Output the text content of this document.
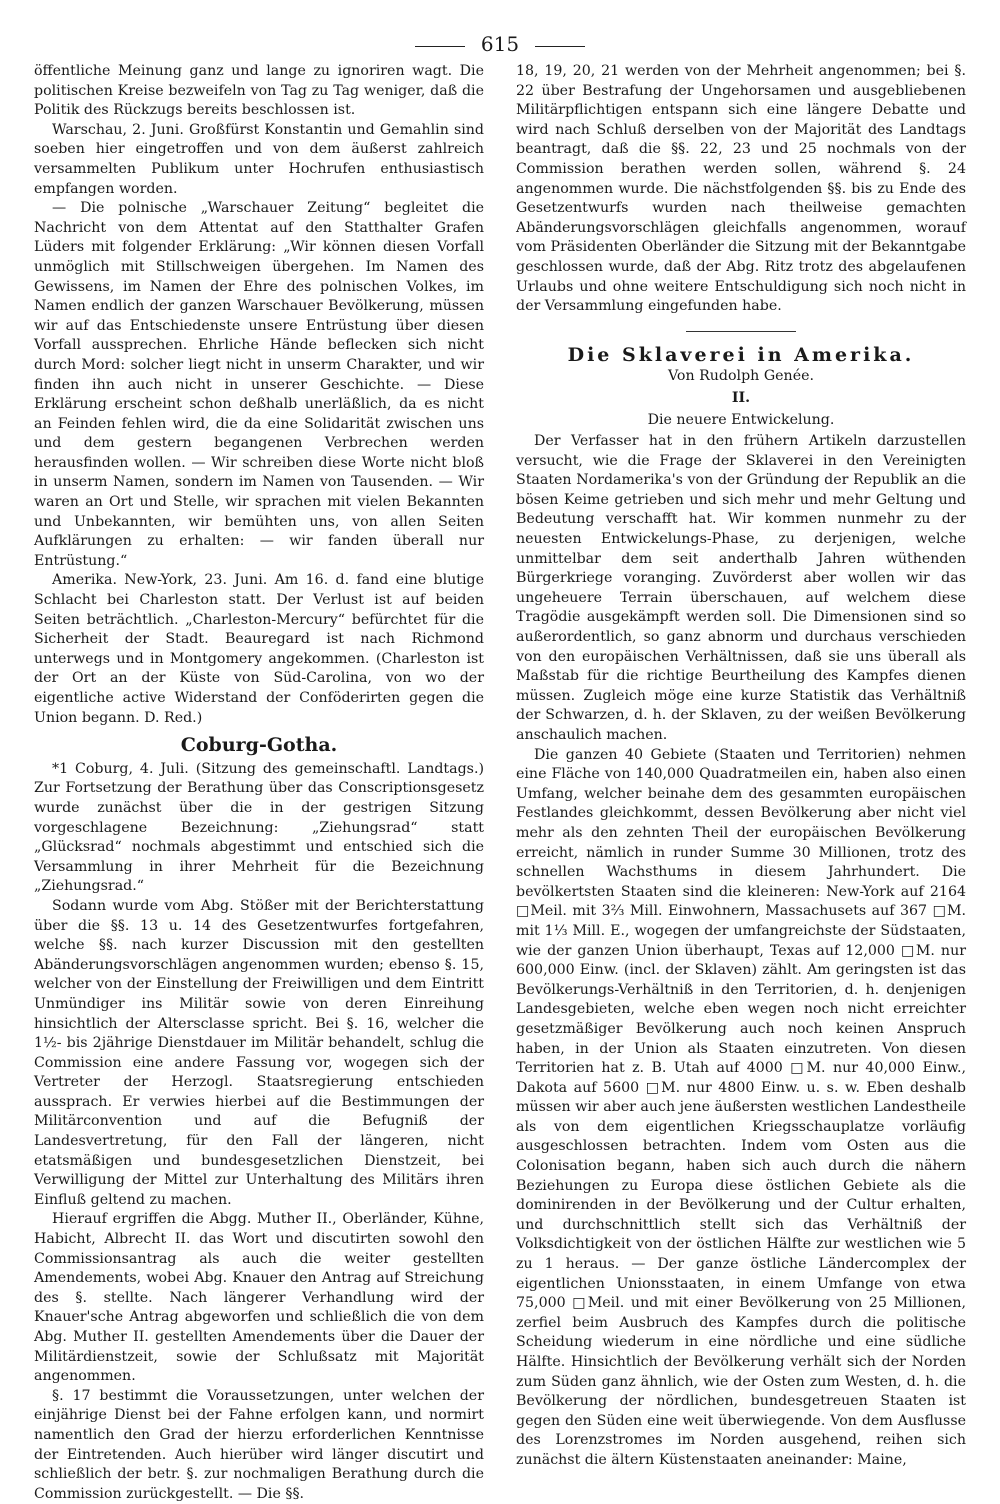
615

öffentliche Meinung ganz und lange zu ignoriren wagt. Die politischen Kreise bezweifeln von Tag zu Tag weniger, daß die Politik des Rückzugs bereits beschlossen ist.

Warschau, 2. Juni. Großfürst Konstantin und Gemahlin sind soeben hier eingetroffen und von dem äußerst zahlreich versammelten Publikum unter Hochrufen enthusiastisch empfangen worden.

— Die polnische „Warschauer Zeitung“ begleitet die Nachricht von dem Attentat auf den Statthalter Grafen Lüders mit folgender Erklärung: „Wir können diesen Vorfall unmöglich mit Stillschweigen übergehen. Im Namen des Gewissens, im Namen der Ehre des polnischen Volkes, im Namen endlich der ganzen Warschauer Bevölkerung, müssen wir auf das Entschiedenste unsere Entrüstung über diesen Vorfall aussprechen. Ehrliche Hände beflecken sich nicht durch Mord: solcher liegt nicht in unserm Charakter, und wir finden ihn auch nicht in unserer Geschichte. — Diese Erklärung erscheint schon deßhalb unerläßlich, da es nicht an Feinden fehlen wird, die da eine Solidarität zwischen uns und dem gestern begangenen Verbrechen werden herausfinden wollen. — Wir schreiben diese Worte nicht bloß in unserm Namen, sondern im Namen von Tausenden. — Wir waren an Ort und Stelle, wir sprachen mit vielen Bekannten und Unbekannten, wir bemühten uns, von allen Seiten Aufklärungen zu erhalten: — wir fanden überall nur Entrüstung.“

Amerika. New-York, 23. Juni. Am 16. d. fand eine blutige Schlacht bei Charleston statt. Der Verlust ist auf beiden Seiten beträchtlich. „Charleston-Mercury“ befürchtet für die Sicherheit der Stadt. Beauregard ist nach Richmond unterwegs und in Montgomery angekommen. (Charleston ist der Ort an der Küste von Süd-Carolina, von wo der eigentliche active Widerstand der Conföderirten gegen die Union begann. D. Red.)

Coburg-Gotha.

*1 Coburg, 4. Juli. (Sitzung des gemeinschaftl. Landtags.) Zur Fortsetzung der Berathung über das Conscriptionsgesetz wurde zunächst über die in der gestrigen Sitzung vorgeschlagene Bezeichnung: „Ziehungsrad“ statt „Glücksrad“ nochmals abgestimmt und entschied sich die Versammlung in ihrer Mehrheit für die Bezeichnung „Ziehungsrad.“

Sodann wurde vom Abg. Stößer mit der Berichterstattung über die §§. 13 u. 14 des Gesetzentwurfes fortgefahren, welche §§. nach kurzer Discussion mit den gestellten Abänderungsvorschlägen angenommen wurden; ebenso §. 15, welcher von der Einstellung der Freiwilligen und dem Eintritt Unmündiger ins Militär sowie von deren Einreihung hinsichtlich der Altersclasse spricht. Bei §. 16, welcher die 1½- bis 2jährige Dienstdauer im Militär behandelt, schlug die Commission eine andere Fassung vor, wogegen sich der Vertreter der Herzogl. Staatsregierung entschieden aussprach. Er verwies hierbei auf die Bestimmungen der Militärconvention und auf die Befugniß der Landesvertretung, für den Fall der längeren, nicht etatsmäßigen und bundesgesetzlichen Dienstzeit, bei Verwilligung der Mittel zur Unterhaltung des Militärs ihren Einfluß geltend zu machen.

Hierauf ergriffen die Abgg. Muther II., Oberländer, Kühne, Habicht, Albrecht II. das Wort und discutirten sowohl den Commissionsantrag als auch die weiter gestellten Amendements, wobei Abg. Knauer den Antrag auf Streichung des §. stellte. Nach längerer Verhandlung wird der Knauer'sche Antrag abgeworfen und schließlich die von dem Abg. Muther II. gestellten Amendements über die Dauer der Militärdienstzeit, sowie der Schlußsatz mit Majorität angenommen.

§. 17 bestimmt die Voraussetzungen, unter welchen der einjährige Dienst bei der Fahne erfolgen kann, und normirt namentlich den Grad der hierzu erforderlichen Kenntnisse der Eintretenden. Auch hierüber wird länger discutirt und schließlich der betr. §. zur nochmaligen Berathung durch die Commission zurückgestellt. — Die §§.

18, 19, 20, 21 werden von der Mehrheit angenommen; bei §. 22 über Bestrafung der Ungehorsamen und ausgebliebenen Militärpflichtigen entspann sich eine längere Debatte und wird nach Schluß derselben von der Majorität des Landtags beantragt, daß die §§. 22, 23 und 25 nochmals von der Commission berathen werden sollen, während §. 24 angenommen wurde. Die nächstfolgenden §§. bis zu Ende des Gesetzentwurfs wurden nach theilweise gemachten Abänderungsvorschlägen gleichfalls angenommen, worauf vom Präsidenten Oberländer die Sitzung mit der Bekanntgabe geschlossen wurde, daß der Abg. Ritz trotz des abgelaufenen Urlaubs und ohne weitere Entschuldigung sich noch nicht in der Versammlung eingefunden habe.

Die Sklaverei in Amerika.
Von Rudolph Genée.
II.
Die neuere Entwickelung.

Der Verfasser hat in den frühern Artikeln darzustellen versucht, wie die Frage der Sklaverei in den Vereinigten Staaten Nordamerika's von der Gründung der Republik an die bösen Keime getrieben und sich mehr und mehr Geltung und Bedeutung verschafft hat. Wir kommen nunmehr zu der neuesten Entwickelungs-Phase, zu derjenigen, welche unmittelbar dem seit anderthalb Jahren wüthenden Bürgerkriege voranging. Zuvörderst aber wollen wir das ungeheuere Terrain überschauen, auf welchem diese Tragödie ausgekämpft werden soll. Die Dimensionen sind so außerordentlich, so ganz abnorm und durchaus verschieden von den europäischen Verhältnissen, daß sie uns überall als Maßstab für die richtige Beurtheilung des Kampfes dienen müssen. Zugleich möge eine kurze Statistik das Verhältniß der Schwarzen, d. h. der Sklaven, zu der weißen Bevölkerung anschaulich machen.

Die ganzen 40 Gebiete (Staaten und Territorien) nehmen eine Fläche von 140,000 Quadratmeilen ein, haben also einen Umfang, welcher beinahe dem des gesammten europäischen Festlandes gleichkommt, dessen Bevölkerung aber nicht viel mehr als den zehnten Theil der europäischen Bevölkerung erreicht, nämlich in runder Summe 30 Millionen, trotz des schnellen Wachsthums in diesem Jahrhundert. Die bevölkertsten Staaten sind die kleineren: New-York auf 2164 □Meil. mit 3⅔ Mill. Einwohnern, Massachusets auf 367 □M. mit 1⅓ Mill. E., wogegen der umfangreichste der Südstaaten, wie der ganzen Union überhaupt, Texas auf 12,000 □M. nur 600,000 Einw. (incl. der Sklaven) zählt. Am geringsten ist das Bevölkerungs-Verhältniß in den Territorien, d. h. denjenigen Landesgebieten, welche eben wegen noch nicht erreichter gesetzmäßiger Bevölkerung auch noch keinen Anspruch haben, in der Union als Staaten einzutreten. Von diesen Territorien hat z. B. Utah auf 4000 □M. nur 40,000 Einw., Dakota auf 5600 □M. nur 4800 Einw. u. s. w. Eben deshalb müssen wir aber auch jene äußersten westlichen Landestheile als von dem eigentlichen Kriegsschauplatze vorläufig ausgeschlossen betrachten. Indem vom Osten aus die Colonisation begann, haben sich auch durch die nähern Beziehungen zu Europa diese östlichen Gebiete als die dominirenden in der Bevölkerung und der Cultur erhalten, und durchschnittlich stellt sich das Verhältniß der Volksdichtigkeit von der östlichen Hälfte zur westlichen wie 5 zu 1 heraus. — Der ganze östliche Ländercomplex der eigentlichen Unionsstaaten, in einem Umfange von etwa 75,000 □Meil. und mit einer Bevölkerung von 25 Millionen, zerfiel beim Ausbruch des Kampfes durch die politische Scheidung wiederum in eine nördliche und eine südliche Hälfte. Hinsichtlich der Bevölkerung verhält sich der Norden zum Süden ganz ähnlich, wie der Osten zum Westen, d. h. die Bevölkerung der nördlichen, bundesgetreuen Staaten ist gegen den Süden eine weit überwiegende. Von dem Ausflusse des Lorenzstromes im Norden ausgehend, reihen sich zunächst die ältern Küstenstaaten aneinander: Maine,
